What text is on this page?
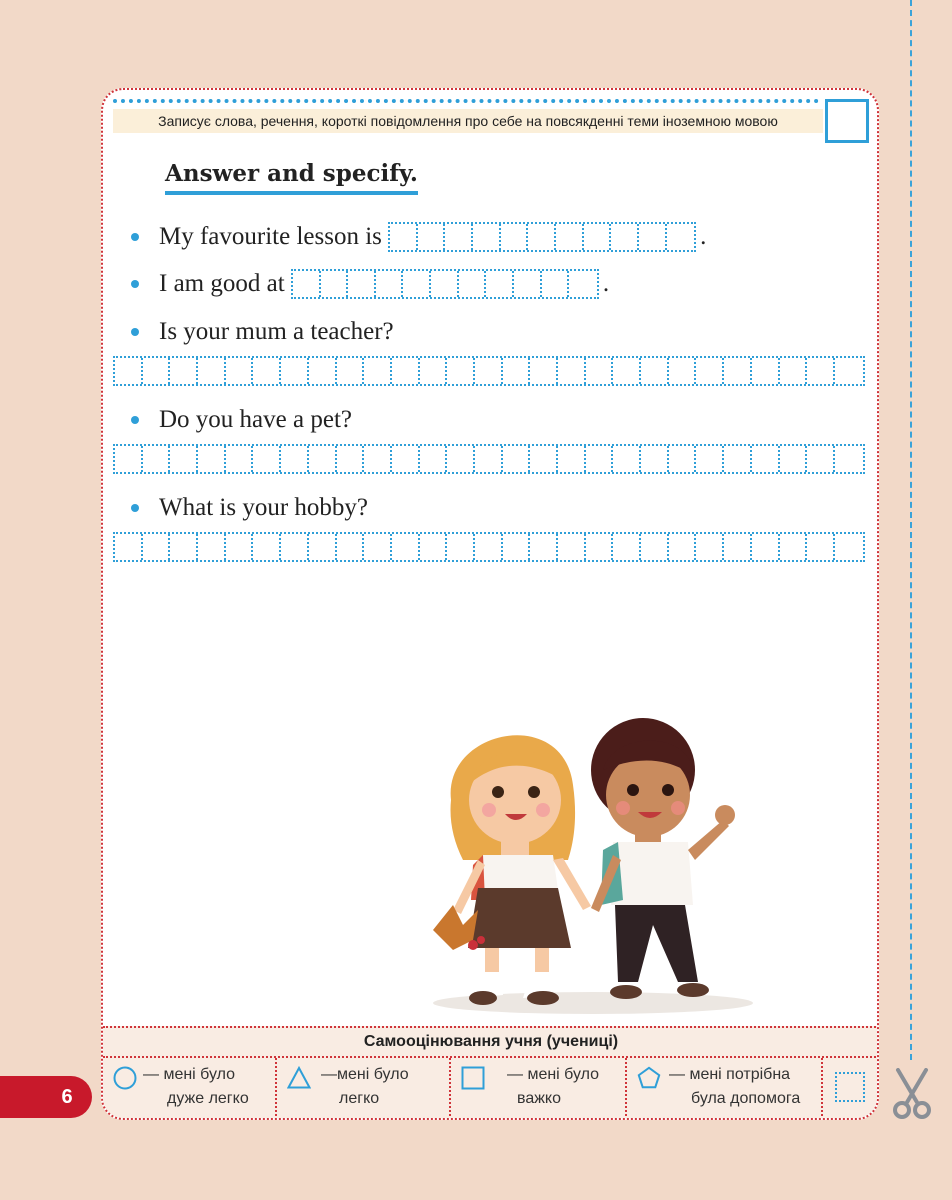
Записує слова, речення, короткі повідомлення про себе на повсякденні теми іноземною мовою
Answer and specify.
My favourite lesson is
	.
I am good at
	.
Is your mum a teacher?
Do you have a pet?
What is your hobby?
Самооцінювання учня (учениці)
— мені було
дуже легко
—мені було
легко
— мені було
важко
— мені потрібна
була допомога
6
